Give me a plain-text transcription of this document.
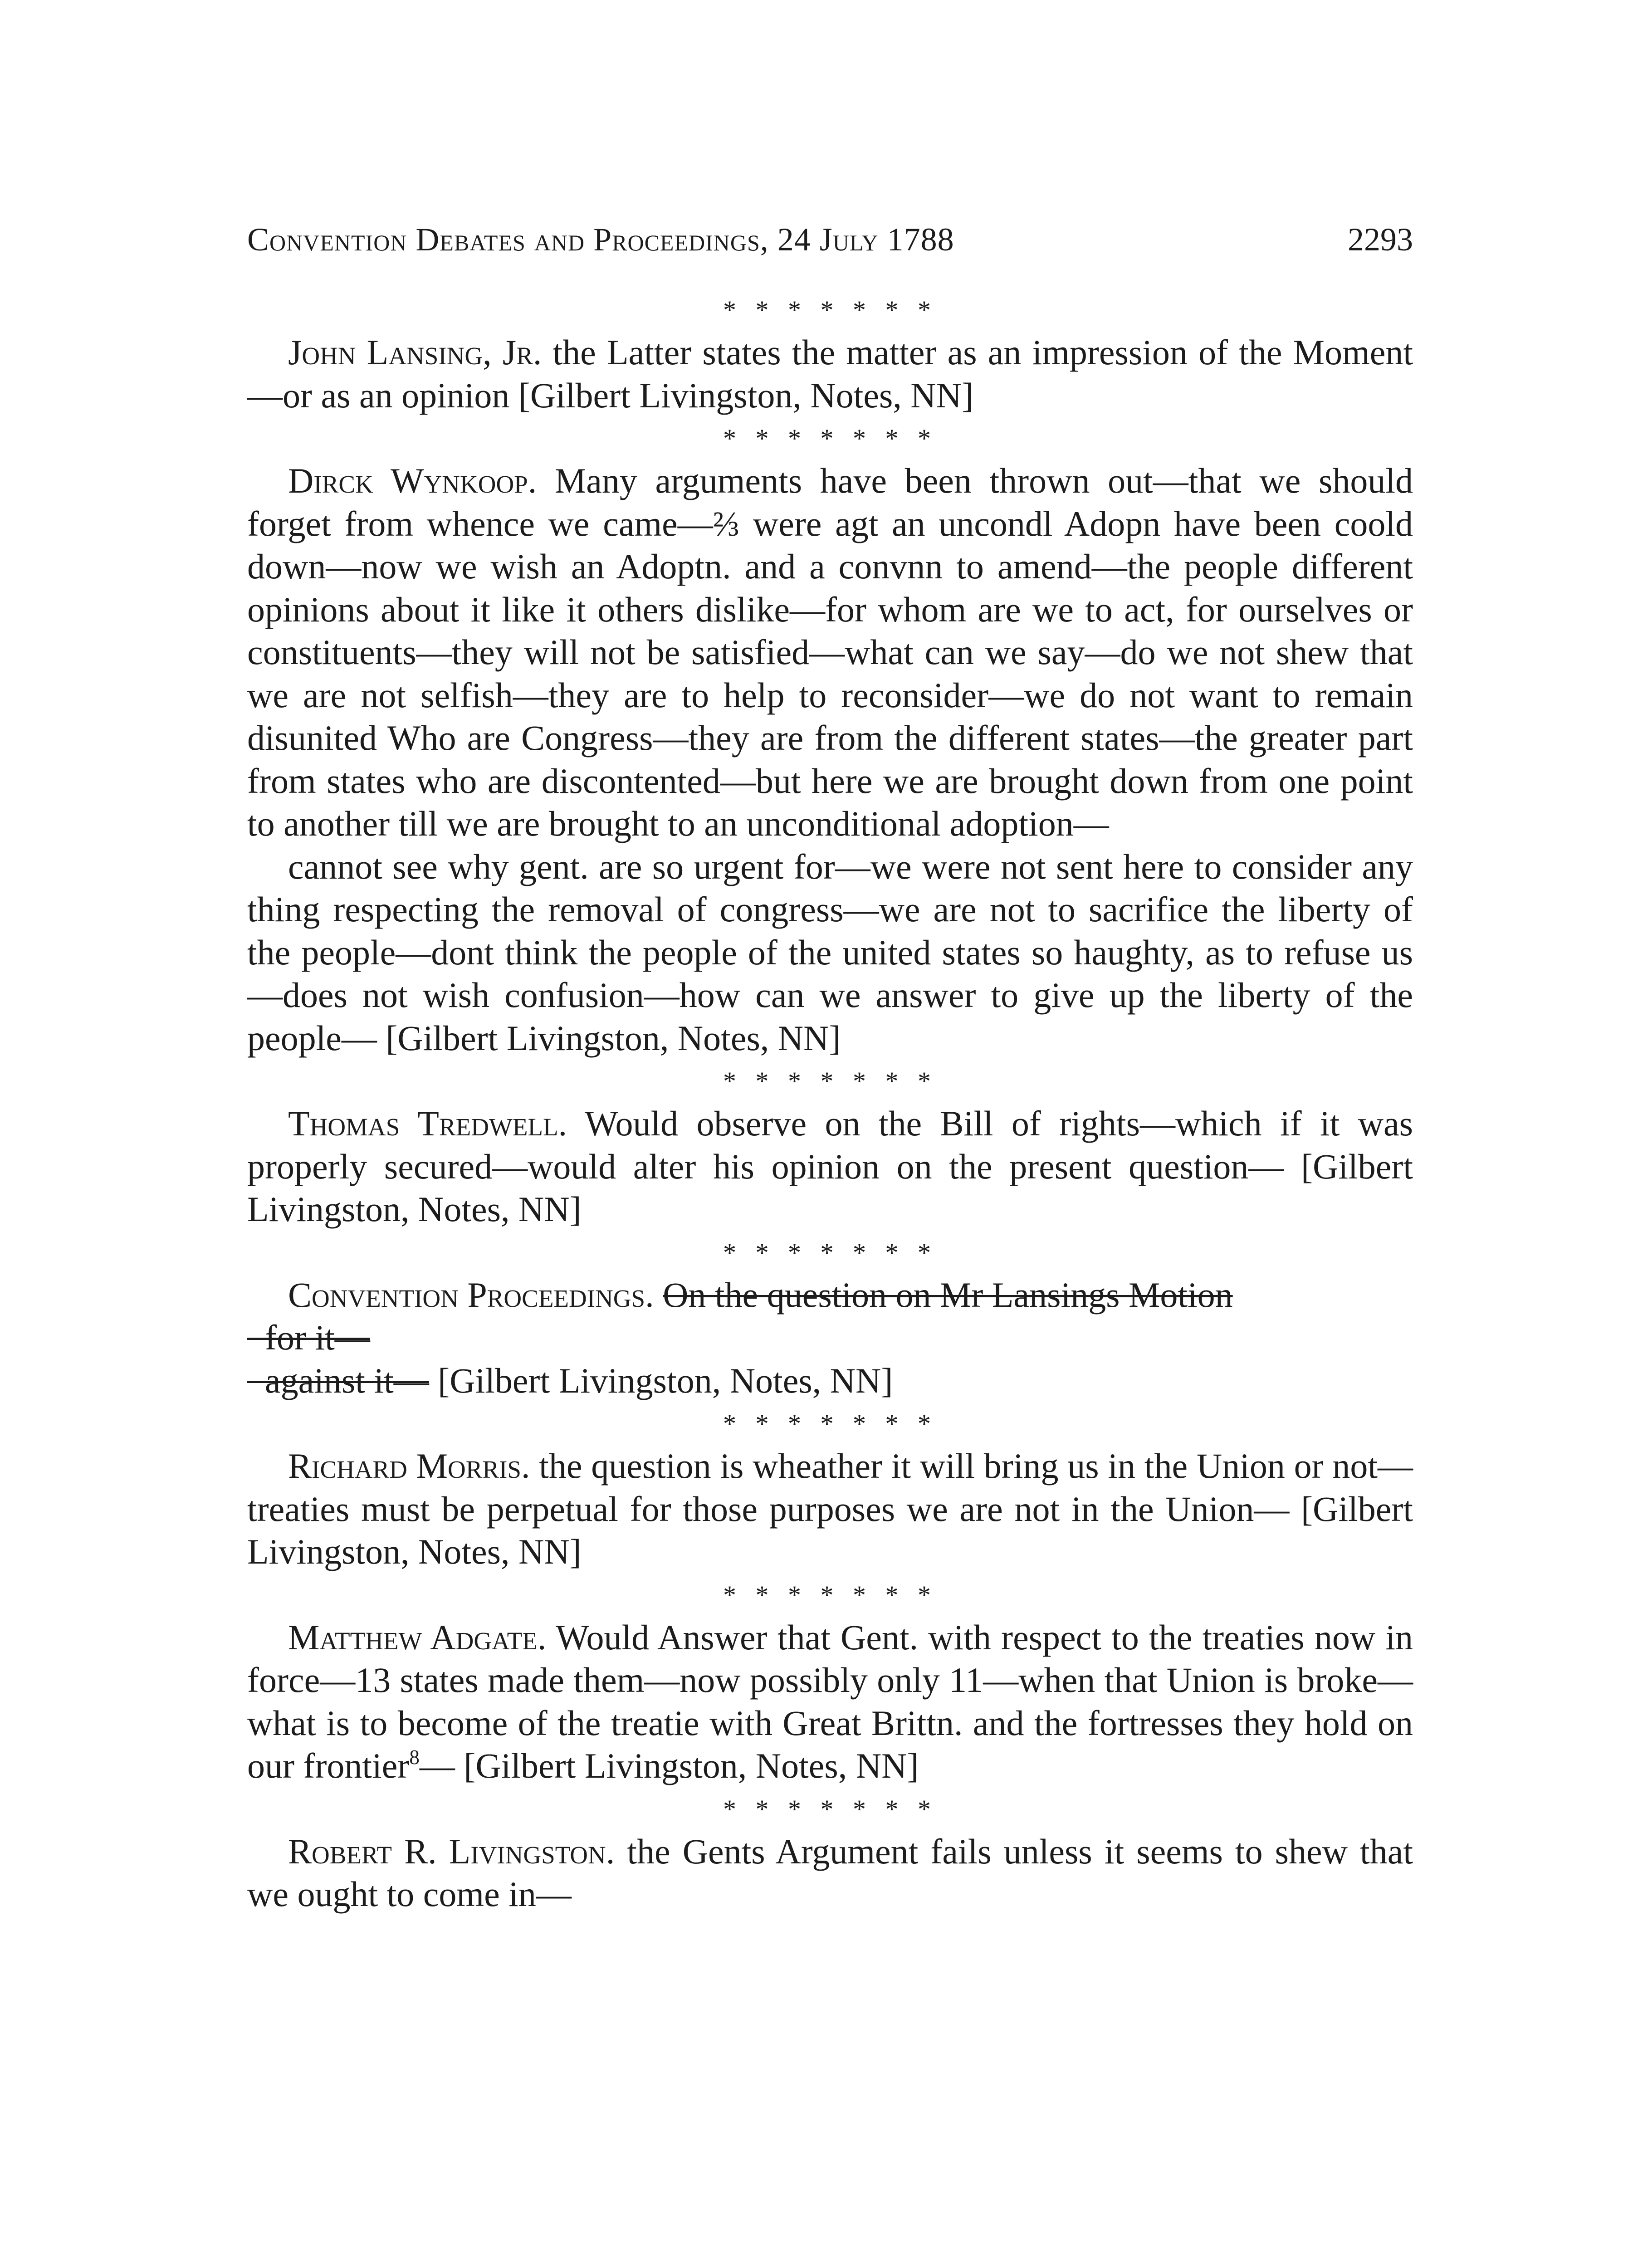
Convention Debates and Proceedings, 24 July 1788	2293
* * * * * * *

John Lansing, Jr. the Latter states the matter as an impression of the Moment—or as an opinion [Gilbert Livingston, Notes, NN]

* * * * * * *

Dirck Wynkoop. Many arguments have been thrown out—that we should forget from whence we came—⅔ were agt an uncondl Adopn have been coold down—now we wish an Adoptn. and a convnn to amend—the people different opinions about it like it others dislike—for whom are we to act, for ourselves or constituents—they will not be satisfied—what can we say—do we not shew that we are not selfish—they are to help to reconsider—we do not want to remain disunited Who are Congress—they are from the different states—the greater part from states who are discontented—but here we are brought down from one point to another till we are brought to an unconditional adoption—

cannot see why gent. are so urgent for—we were not sent here to consider any thing respecting the removal of congress—we are not to sacrifice the liberty of the people—dont think the people of the united states so haughty, as to refuse us—does not wish confusion—how can we answer to give up the liberty of the people— [Gilbert Livingston, Notes, NN]

* * * * * * *

Thomas Tredwell. Would observe on the Bill of rights—which if it was properly secured—would alter his opinion on the present question— [Gilbert Livingston, Notes, NN]

* * * * * * *
Convention Proceedings. On the question on Mr Lansings Motion
 for it—
 against it— [Gilbert Livingston, Notes, NN]
* * * * * * *

Richard Morris. the question is wheather it will bring us in the Union or not—treaties must be perpetual for those purposes we are not in the Union— [Gilbert Livingston, Notes, NN]

* * * * * * *

Matthew Adgate. Would Answer that Gent. with respect to the treaties now in force—13 states made them—now possibly only 11—when that Union is broke—what is to become of the treatie with Great Brittn. and the fortresses they hold on our frontier$^8$— [Gilbert Livingston, Notes, NN]

* * * * * * *

Robert R. Livingston. the Gents Argument fails unless it seems to shew that we ought to come in—
